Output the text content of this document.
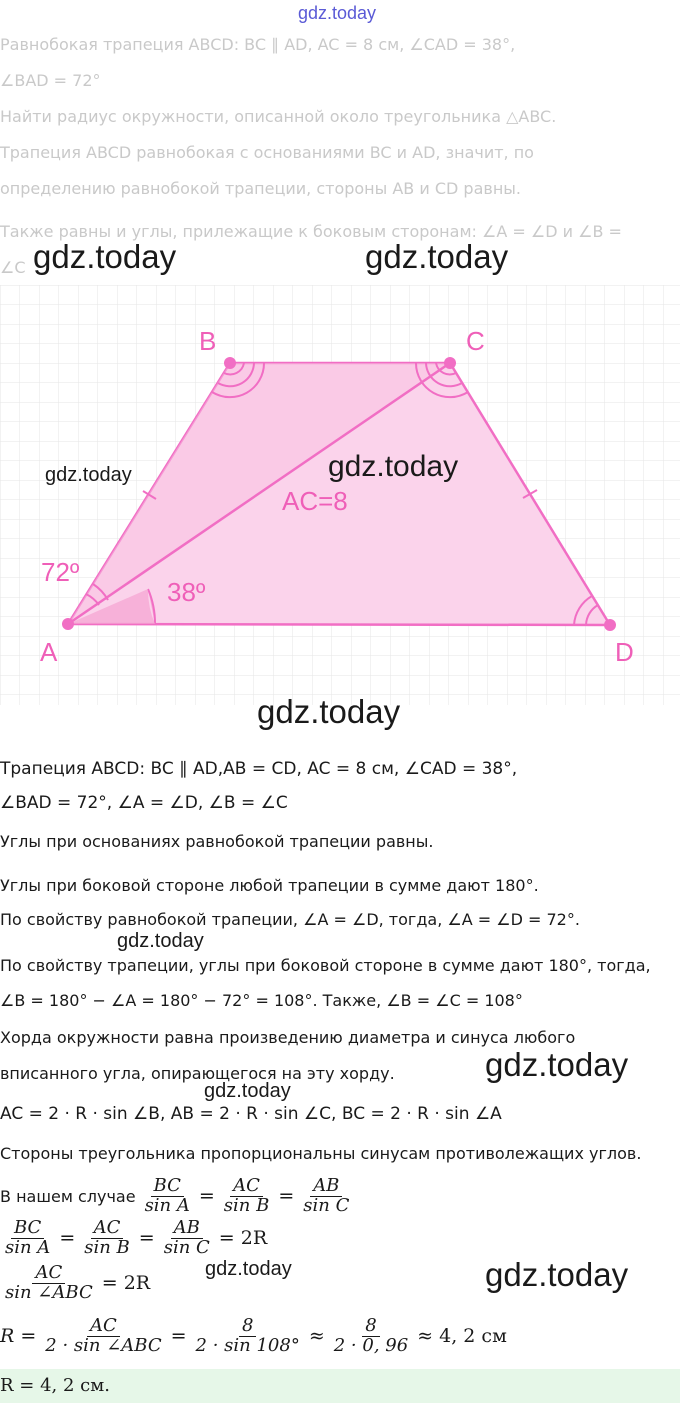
gdz.today
Равнобокая трапеция ABCD: BC ∥ AD, AC = 8 см, ∠CAD = 38°,
∠BAD = 72°
Найти радиус окружности, описанной около треугольника △ABC.
Трапеция ABCD равнобокая с основаниями BC и AD, значит, по
определению равнобокой трапеции, стороны AB и CD равны.
Также равны и углы, прилежащие к боковым сторонам: ∠A = ∠D и ∠B =
∠C gdz.today	gdz.today
A
B	C
D
72º
38º
AC=8
gdz.today	gdz.today
gdz.today
Трапеция ABCD: BC ∥ AD,AB = CD, AC = 8 см, ∠CAD = 38°,
∠BAD = 72°, ∠A = ∠D, ∠B = ∠C
Углы при основаниях равнобокой трапеции равны.
Углы при боковой стороне любой трапеции в сумме дают 180°.
По свойству равнобокой трапеции, ∠A = ∠D, тогда, ∠A = ∠D = 72°.
gdz.today
По свойству трапеции, углы при боковой стороне в сумме дают 180°, тогда,
∠B = 180° − ∠A = 180° − 72° = 108°. Также, ∠B = ∠C = 108°
Хорда окружности равна произведению диаметра и синуса любого
вписанного угла, опирающегося на эту хорду.	gdz.today
gdz.today
AC = 2 · R · sin ∠B, AB = 2 · R · sin ∠C, BC = 2 · R · sin ∠A
Стороны треугольника пропорциональны синусам противолежащих углов.
В нашем случае $\frac{BC}{\text{sin A}} = \frac{AC}{\text{sin B}} = \frac{AB}{\text{sin C}}$
$\frac{BC}{\text{sin A}} = \frac{AC}{\text{sin B}} = \frac{AB}{\text{sin C}} = 2R$
gdz.today	gdz.today
$\frac{AC}{\text{sin ∠ABC}} = 2R$
$R = \frac{AC}{\text{2 · sin ∠ABC}} = \frac{8}{2 \cdot \sin 108^\circ} \approx \frac{8}{2 \cdot 0, 96} \approx 4$, 2 см
R = 4, 2 см.
